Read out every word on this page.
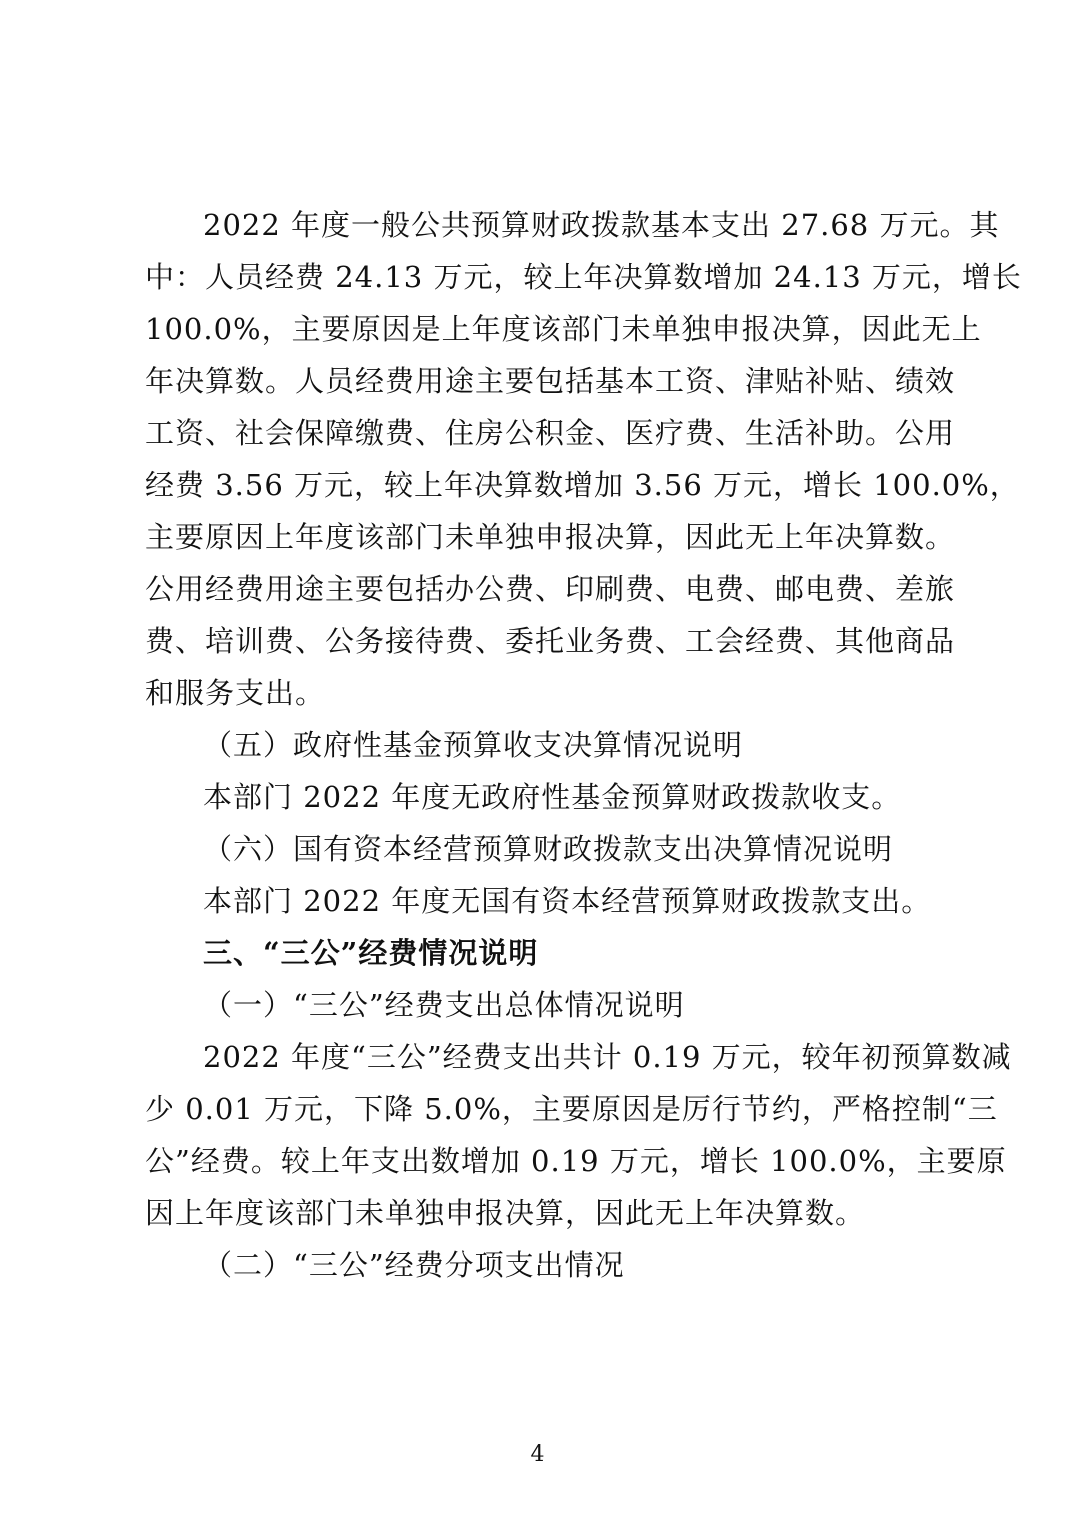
2022 年度一般公共预算财政拨款基本支出 27.68 万元。其
中：人员经费 24.13 万元，较上年决算数增加 24.13 万元，增长
100.0%，主要原因是上年度该部门未单独申报决算，因此无上
年决算数。人员经费用途主要包括基本工资、津贴补贴、绩效
工资、社会保障缴费、住房公积金、医疗费、生活补助。公用
经费 3.56 万元，较上年决算数增加 3.56 万元，增长 100.0%，
主要原因上年度该部门未单独申报决算，因此无上年决算数。
公用经费用途主要包括办公费、印刷费、电费、邮电费、差旅
费、培训费、公务接待费、委托业务费、工会经费、其他商品
和服务支出。
（五）政府性基金预算收支决算情况说明
本部门 2022 年度无政府性基金预算财政拨款收支。
（六）国有资本经营预算财政拨款支出决算情况说明
本部门 2022 年度无国有资本经营预算财政拨款支出。
三、“三公”经费情况说明
（一）“三公”经费支出总体情况说明
2022 年度“三公”经费支出共计 0.19 万元，较年初预算数减
少 0.01 万元，下降 5.0%，主要原因是厉行节约，严格控制“三
公”经费。较上年支出数增加 0.19 万元，增长 100.0%，主要原
因上年度该部门未单独申报决算，因此无上年决算数。
（二）“三公”经费分项支出情况
4
